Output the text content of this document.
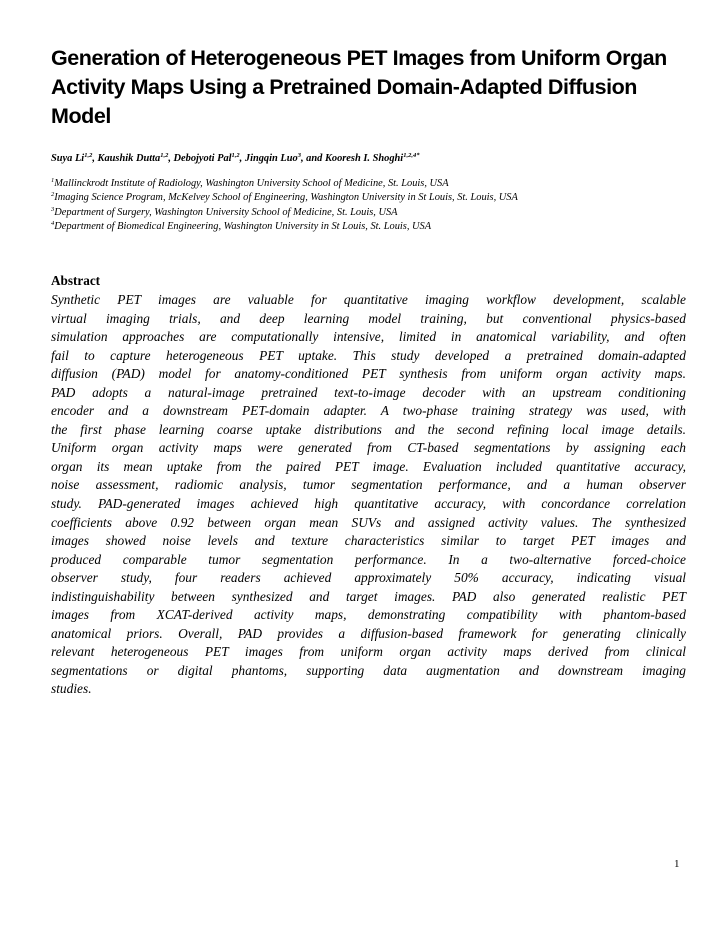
Generation of Heterogeneous PET Images from Uniform Organ Activity Maps Using a Pretrained Domain-Adapted Diffusion Model

Suya Li$^{1,2}$, Kaushik Dutta$^{1,2}$, Debojyoti Pal$^{1,2}$, Jingqin Luo$^3$, and Kooresh I. Shoghi$^{1,2,4*}$

$^1$Mallinckrodt Institute of Radiology, Washington University School of Medicine, St. Louis, USA
$^2$Imaging Science Program, McKelvey School of Engineering, Washington University in St Louis, St. Louis, USA
$^3$Department of Surgery, Washington University School of Medicine, St. Louis, USA
$^4$Department of Biomedical Engineering, Washington University in St Louis, St. Louis, USA
Abstract

Synthetic PET images are valuable for quantitative imaging workflow development, scalable
virtual imaging trials, and deep learning model training, but conventional physics-based
simulation approaches are computationally intensive, limited in anatomical variability, and often
fail to capture heterogeneous PET uptake. This study developed a pretrained domain-adapted
diffusion (PAD) model for anatomy-conditioned PET synthesis from uniform organ activity maps.
PAD adopts a natural-image pretrained text-to-image decoder with an upstream conditioning
encoder and a downstream PET-domain adapter. A two-phase training strategy was used, with
the first phase learning coarse uptake distributions and the second refining local image details.
Uniform organ activity maps were generated from CT-based segmentations by assigning each
organ its mean uptake from the paired PET image. Evaluation included quantitative accuracy,
noise assessment, radiomic analysis, tumor segmentation performance, and a human observer
study. PAD-generated images achieved high quantitative accuracy, with concordance correlation
coefficients above 0.92 between organ mean SUVs and assigned activity values. The synthesized
images showed noise levels and texture characteristics similar to target PET images and
produced comparable tumor segmentation performance. In a two-alternative forced-choice
observer study, four readers achieved approximately 50% accuracy, indicating visual
indistinguishability between synthesized and target images. PAD also generated realistic PET
images from XCAT-derived activity maps, demonstrating compatibility with phantom-based
anatomical priors. Overall, PAD provides a diffusion-based framework for generating clinically
relevant heterogeneous PET images from uniform organ activity maps derived from clinical
segmentations or digital phantoms, supporting data augmentation and downstream imaging
studies.

1
